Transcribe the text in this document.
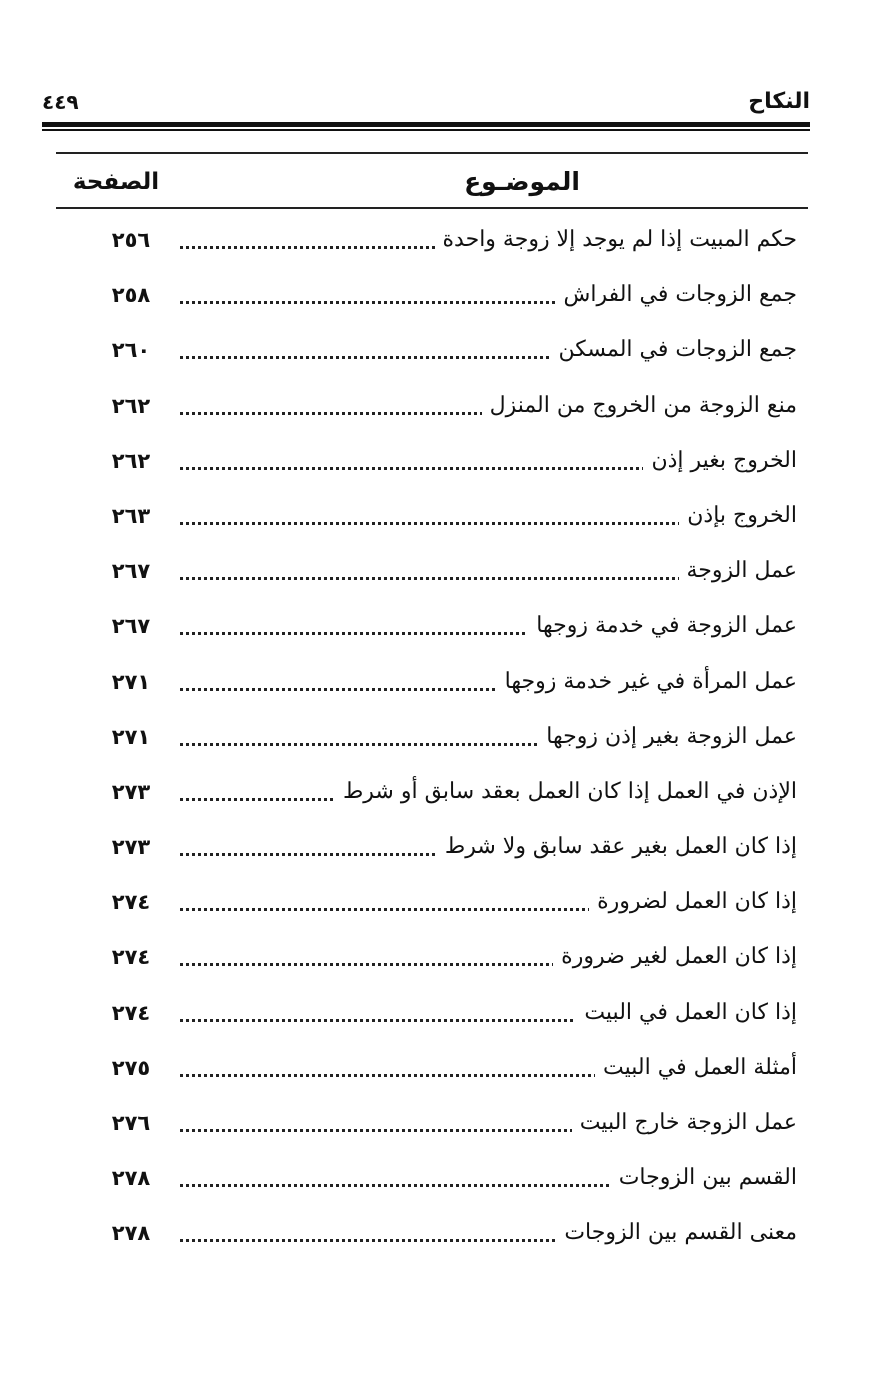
النكاح
٤٤٩
الموضـوع
الصفحة
حكم المبيت إذا لم يوجد إلا زوجة واحدة
٢٥٦
جمع الزوجات في الفراش
٢٥٨
جمع الزوجات في المسكن
٢٦٠
منع الزوجة من الخروج من المنزل
٢٦٢
الخروج بغير إذن
٢٦٢
الخروج بإذن
٢٦٣
عمل الزوجة
٢٦٧
عمل الزوجة في خدمة زوجها
٢٦٧
عمل المرأة في غير خدمة زوجها
٢٧١
عمل الزوجة بغير إذن زوجها
٢٧١
الإذن في العمل إذا كان العمل بعقد سابق أو شرط
٢٧٣
إذا كان العمل بغير عقد سابق ولا شرط
٢٧٣
إذا كان العمل لضرورة
٢٧٤
إذا كان العمل لغير ضرورة
٢٧٤
إذا كان العمل في البيت
٢٧٤
أمثلة العمل في البيت
٢٧٥
عمل الزوجة خارج البيت
٢٧٦
القسم بين الزوجات
٢٧٨
معنى القسم بين الزوجات
٢٧٨
